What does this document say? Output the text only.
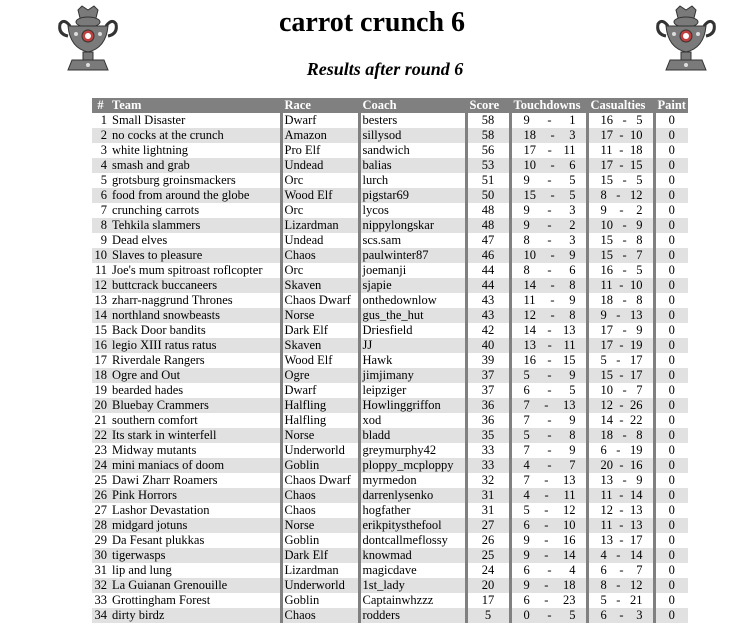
carrot crunch 6
Results after round 6
#	Team	Race	Coach	Score	Touchdowns	Casualties	Paint
1	Small Disaster	Dwarf	besters	58	9 - 1	16 - 5	0
2	no cocks at the crunch	Amazon	sillysod	58	18 - 3	17 - 10	0
3	white lightning	Pro Elf	sandwich	56	17 - 11	11 - 18	0
4	smash and grab	Undead	balias	53	10 - 6	17 - 15	0
5	grotsburg groinsmackers	Orc	lurch	51	9 - 5	15 - 5	0
6	food from around the globe	Wood Elf	pigstar69	50	15 - 5	8 - 12	0
7	crunching carrots	Orc	lycos	48	9 - 3	9 - 2	0
8	Tehkila slammers	Lizardman	nippylongskar	48	9 - 2	10 - 9	0
9	Dead elves	Undead	scs.sam	47	8 - 3	15 - 8	0
10	Slaves to pleasure	Chaos	paulwinter87	46	10 - 9	15 - 7	0
11	Joe's mum spitroast roflcopter	Orc	joemanji	44	8 - 6	16 - 5	0
12	buttcrack buccaneers	Skaven	sjapie	44	14 - 8	11 - 10	0
13	zharr-naggrund Thrones	Chaos Dwarf	onthedownlow	43	11 - 9	18 - 8	0
14	northland snowbeasts	Norse	gus_the_hut	43	12 - 8	9 - 13	0
15	Back Door bandits	Dark Elf	Driesfield	42	14 - 13	17 - 9	0
16	legio XIII ratus ratus	Skaven	JJ	40	13 - 11	17 - 19	0
17	Riverdale Rangers	Wood Elf	Hawk	39	16 - 15	5 - 17	0
18	Ogre and Out	Ogre	jimjimany	37	5 - 9	15 - 17	0
19	bearded hades	Dwarf	leipziger	37	6 - 5	10 - 7	0
20	Bluebay Crammers	Halfling	Howlinggriffon	36	7 - 13	12 - 26	0
21	southern comfort	Halfling	xod	36	7 - 9	14 - 22	0
22	Its stark in winterfell	Norse	bladd	35	5 - 8	18 - 8	0
23	Midway mutants	Underworld	greymurphy42	33	7 - 9	6 - 19	0
24	mini maniacs of doom	Goblin	ploppy_mcploppy	33	4 - 7	20 - 16	0
25	Dawi Zharr Roamers	Chaos Dwarf	myrmedon	32	7 - 13	13 - 9	0
26	Pink Horrors	Chaos	darrenlysenko	31	4 - 11	11 - 14	0
27	Lashor Devastation	Chaos	hogfather	31	5 - 12	12 - 13	0
28	midgard jotuns	Norse	erikpitysthefool	27	6 - 10	11 - 13	0
29	Da Fesant plukkas	Goblin	dontcallmeflossy	26	9 - 16	13 - 17	0
30	tigerwasps	Dark Elf	knowmad	25	9 - 14	4 - 14	0
31	lip and lung	Lizardman	magicdave	24	6 - 4	6 - 7	0
32	La Guianan Grenouille	Underworld	1st_lady	20	9 - 18	8 - 12	0
33	Grottingham Forest	Goblin	Captainwhzzz	17	6 - 23	5 - 21	0
34	dirty birdz	Chaos	rodders	5	0 - 5	6 - 3	0
